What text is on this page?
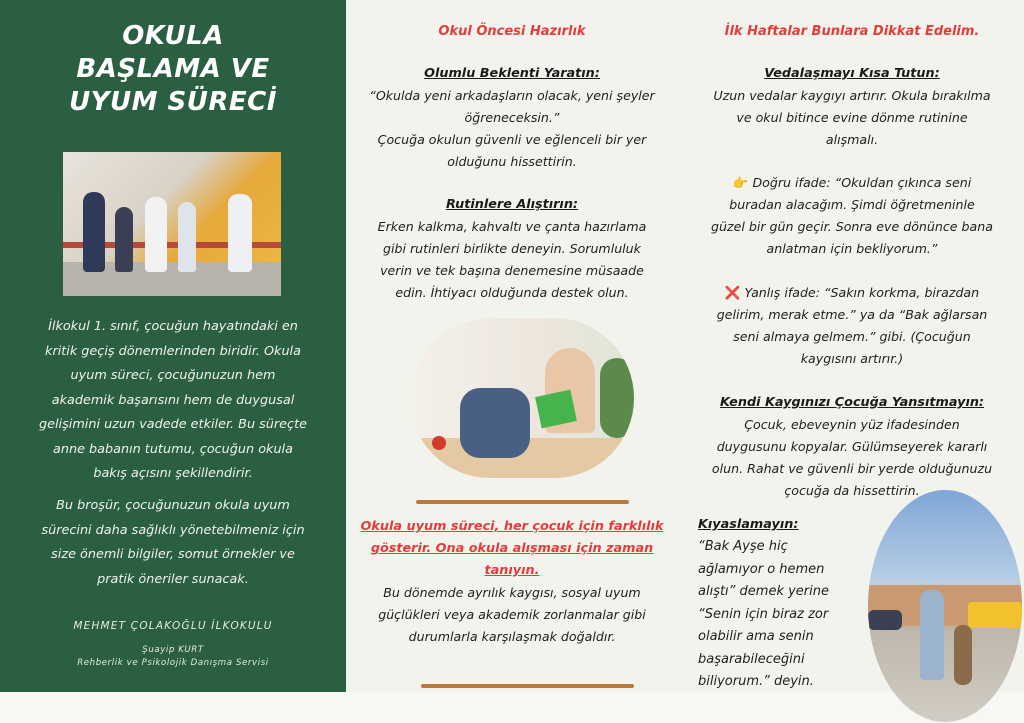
OKULA
BAŞLAMA VE
UYUM SÜRECİ
İlkokul 1. sınıf, çocuğun hayatındaki en
kritik geçiş dönemlerinden biridir. Okula
uyum süreci, çocuğunuzun hem
akademik başarısını hem de duygusal
gelişimini uzun vadede etkiler. Bu süreçte
anne babanın tutumu, çocuğun okula
bakış açısını şekillendirir.
Bu broşür, çocuğunuzun okula uyum
sürecini daha sağlıklı yönetebilmeniz için
size önemli bilgiler, somut örnekler ve
pratik öneriler sunacak.
MEHMET ÇOLAKOĞLU İLKOKULU
Şuayip KURT
Rehberlik ve Psikolojik Danışma Servisi
Okul Öncesi Hazırlık
Olumlu Beklenti Yaratın:
“Okulda yeni arkadaşların olacak, yeni şeyler
öğreneceksin.”
Çocuğa okulun güvenli ve eğlenceli bir yer
olduğunu hissettirin.
Rutinlere Alıştırın:
Erken kalkma, kahvaltı ve çanta hazırlama
gibi rutinleri birlikte deneyin. Sorumluluk
verin ve tek başına denemesine müsaade
edin. İhtiyacı olduğunda destek olun.
Okula uyum süreci, her çocuk için farklılık
gösterir. Ona okula alışması için zaman
tanıyın.
Bu dönemde ayrılık kaygısı, sosyal uyum
güçlükleri veya akademik zorlanmalar gibi
durumlarla karşılaşmak doğaldır.
İlk Haftalar Bunlara Dikkat Edelim.
Vedalaşmayı Kısa Tutun:
Uzun vedalar kaygıyı artırır. Okula bırakılma
ve okul bitince evine dönme rutinine
alışmalı.
👉 Doğru ifade: “Okuldan çıkınca seni
buradan alacağım. Şimdi öğretmeninle
güzel bir gün geçir. Sonra eve dönünce bana
anlatman için bekliyorum.”
❌ Yanlış ifade: “Sakın korkma, birazdan
gelirim, merak etme.” ya da “Bak ağlarsan
seni almaya gelmem.” gibi. (Çocuğun
kaygısını artırır.)
Kendi Kaygınızı Çocuğa Yansıtmayın:
Çocuk, ebeveynin yüz ifadesinden
duygusunu kopyalar. Gülümseyerek kararlı
olun. Rahat ve güvenli bir yerde olduğunuzu
çocuğa da hissettirin.
Kıyaslamayın:
“Bak Ayşe hiç
ağlamıyor o hemen
alıştı” demek yerine
“Senin için biraz zor
olabilir ama senin
başarabileceğini
biliyorum.” deyin.
